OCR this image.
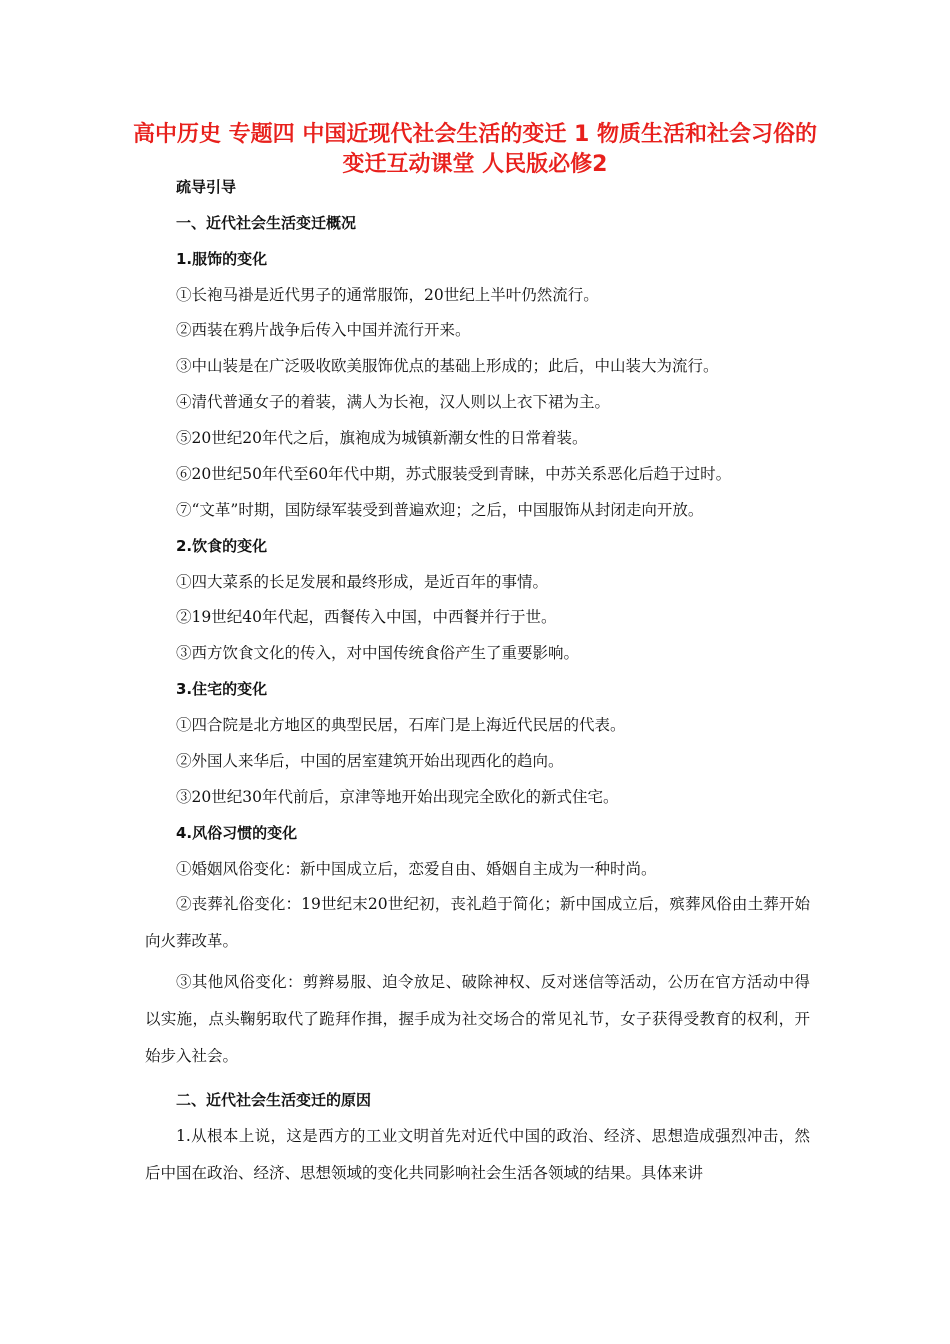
高中历史 专题四 中国近现代社会生活的变迁 1 物质生活和社会习俗的变迁互动课堂 人民版必修2
疏导引导
一、近代社会生活变迁概况
1.服饰的变化
①长袍马褂是近代男子的通常服饰，20世纪上半叶仍然流行。
②西装在鸦片战争后传入中国并流行开来。
③中山装是在广泛吸收欧美服饰优点的基础上形成的；此后，中山装大为流行。
④清代普通女子的着装，满人为长袍，汉人则以上衣下裙为主。
⑤20世纪20年代之后，旗袍成为城镇新潮女性的日常着装。
⑥20世纪50年代至60年代中期，苏式服装受到青睐，中苏关系恶化后趋于过时。
⑦“文革”时期，国防绿军装受到普遍欢迎；之后，中国服饰从封闭走向开放。
2.饮食的变化
①四大菜系的长足发展和最终形成，是近百年的事情。
②19世纪40年代起，西餐传入中国，中西餐并行于世。
③西方饮食文化的传入，对中国传统食俗产生了重要影响。
3.住宅的变化
①四合院是北方地区的典型民居，石库门是上海近代民居的代表。
②外国人来华后，中国的居室建筑开始出现西化的趋向。
③20世纪30年代前后，京津等地开始出现完全欧化的新式住宅。
4.风俗习惯的变化
①婚姻风俗变化：新中国成立后，恋爱自由、婚姻自主成为一种时尚。
②丧葬礼俗变化：19世纪末20世纪初，丧礼趋于简化；新中国成立后，殡葬风俗由土葬开始向火葬改革。
③其他风俗变化：剪辫易服、迫令放足、破除神权、反对迷信等活动，公历在官方活动中得以实施，点头鞠躬取代了跪拜作揖，握手成为社交场合的常见礼节，女子获得受教育的权利，开始步入社会。
二、近代社会生活变迁的原因
1.从根本上说，这是西方的工业文明首先对近代中国的政治、经济、思想造成强烈冲击，然后中国在政治、经济、思想领域的变化共同影响社会生活各领域的结果。具体来讲
